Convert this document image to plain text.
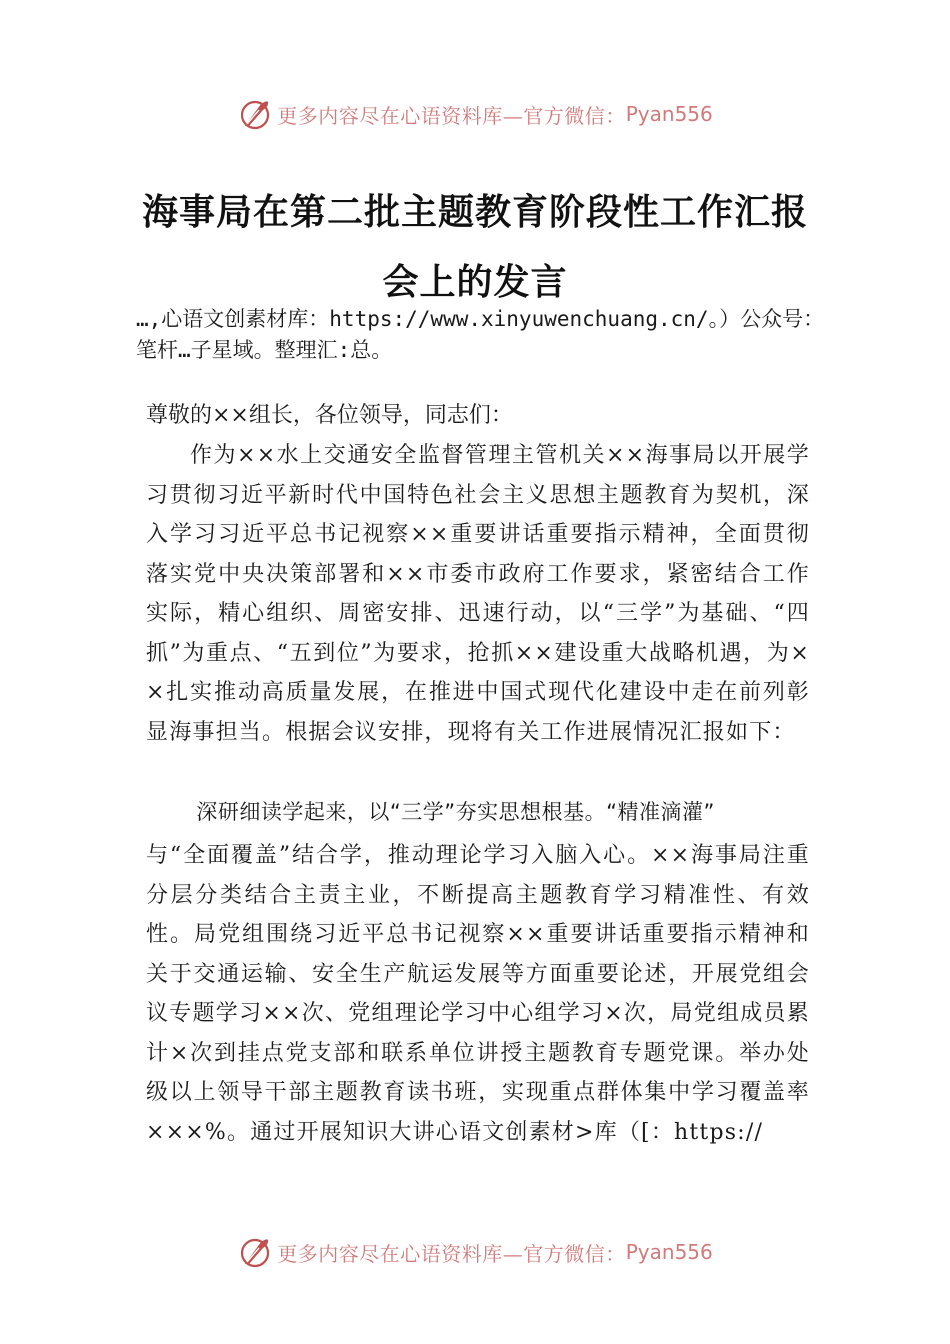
更多内容尽在心语资料库—官方微信： Pyan556
海事局在第二批主题教育阶段性工作汇报
会上的发言
…,心语文创素材库：https://www.xinyuwenchuang.cn/。）公众号：笔杆…子星域。整理汇:总。
尊敬的××组长，各位领导，同志们：
作为××水上交通安全监督管理主管机关××海事局以开展学习贯彻习近平新时代中国特色社会主义思想主题教育为契机，深入学习习近平总书记视察××重要讲话重要指示精神，全面贯彻落实党中央决策部署和××市委市政府工作要求，紧密结合工作实际，精心组织、周密安排、迅速行动，以“三学”为基础、“四抓”为重点、“五到位”为要求，抢抓××建设重大战略机遇，为××扎实推动高质量发展，在推进中国式现代化建设中走在前列彰显海事担当。根据会议安排，现将有关工作进展情况汇报如下：
深研细读学起来，以“三学”夯实思想根基。“精准滴灌”
与“全面覆盖”结合学，推动理论学习入脑入心。××海事局注重分层分类结合主责主业，不断提高主题教育学习精准性、有效性。局党组围绕习近平总书记视察××重要讲话重要指示精神和关于交通运输、安全生产航运发展等方面重要论述，开展党组会议专题学习××次、党组理论学习中心组学习×次，局党组成员累计×次到挂点党支部和联系单位讲授主题教育专题党课。举办处级以上领导干部主题教育读书班，实现重点群体集中学习覆盖率×××%。通过开展知识大讲心语文创素材>库（[：https://
更多内容尽在心语资料库—官方微信： Pyan556
